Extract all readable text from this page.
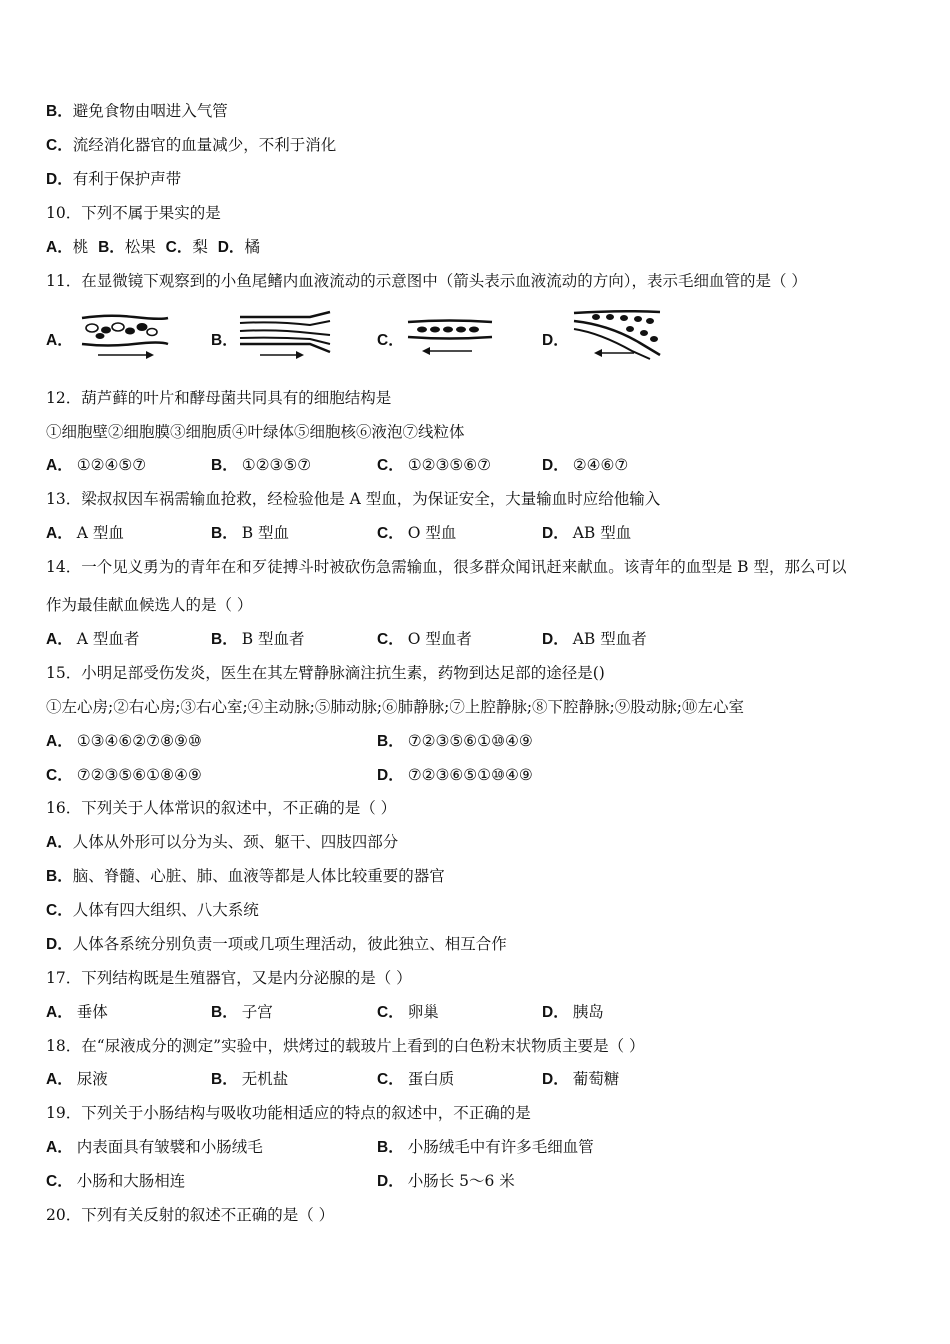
B．避免食物由咽进入气管
C．流经消化器官的血量减少，不利于消化
D．有利于保护声带
10．下列不属于果实的是
A．桃 B．松果 C．梨 D．橘
11．在显微镜下观察到的小鱼尾鳍内血液流动的示意图中（箭头表示血液流动的方向），表示毛细血管的是（ ）
A．	B．	C．	D．
12．葫芦藓的叶片和酵母菌共同具有的细胞结构是
①细胞壁②细胞膜③细胞质④叶绿体⑤细胞核⑥液泡⑦线粒体
A． ①②④⑤⑦	B． ①②③⑤⑦	C． ①②③⑤⑥⑦	D． ②④⑥⑦
13．梁叔叔因车祸需输血抢救，经检验他是 A 型血，为保证安全，大量输血时应给他输入
A． A 型血	B． B 型血	C． O 型血	D． AB 型血
14．一个见义勇为的青年在和歹徒搏斗时被砍伤急需输血，很多群众闻讯赶来献血。该青年的血型是 B 型，那么可以
作为最佳献血候选人的是（ ）
A． A 型血者	B． B 型血者	C． O 型血者	D． AB 型血者
15．小明足部受伤发炎，医生在其左臂静脉滴注抗生素，药物到达足部的途径是()
①左心房;②右心房;③右心室;④主动脉;⑤肺动脉;⑥肺静脉;⑦上腔静脉;⑧下腔静脉;⑨股动脉;⑩左心室
A． ①③④⑥②⑦⑧⑨⑩	B． ⑦②③⑤⑥①⑩④⑨
C． ⑦②③⑤⑥①⑧④⑨	D． ⑦②③⑥⑤①⑩④⑨
16．下列关于人体常识的叙述中，不正确的是（ ）
A．人体从外形可以分为头、颈、躯干、四肢四部分
B．脑、脊髓、心脏、肺、血液等都是人体比较重要的器官
C．人体有四大组织、八大系统
D．人体各系统分别负责一项或几项生理活动，彼此独立、相互合作
17．下列结构既是生殖器官，又是内分泌腺的是（ ）
A． 垂体	B． 子宫	C． 卵巢	D． 胰岛
18．在“尿液成分的测定”实验中，烘烤过的载玻片上看到的白色粉末状物质主要是（ ）
A． 尿液	B． 无机盐	C． 蛋白质	D． 葡萄糖
19．下列关于小肠结构与吸收功能相适应的特点的叙述中，不正确的是
A． 内表面具有皱襞和小肠绒毛	B． 小肠绒毛中有许多毛细血管
C． 小肠和大肠相连	D． 小肠长 5～6 米
20．下列有关反射的叙述不正确的是（ ）
